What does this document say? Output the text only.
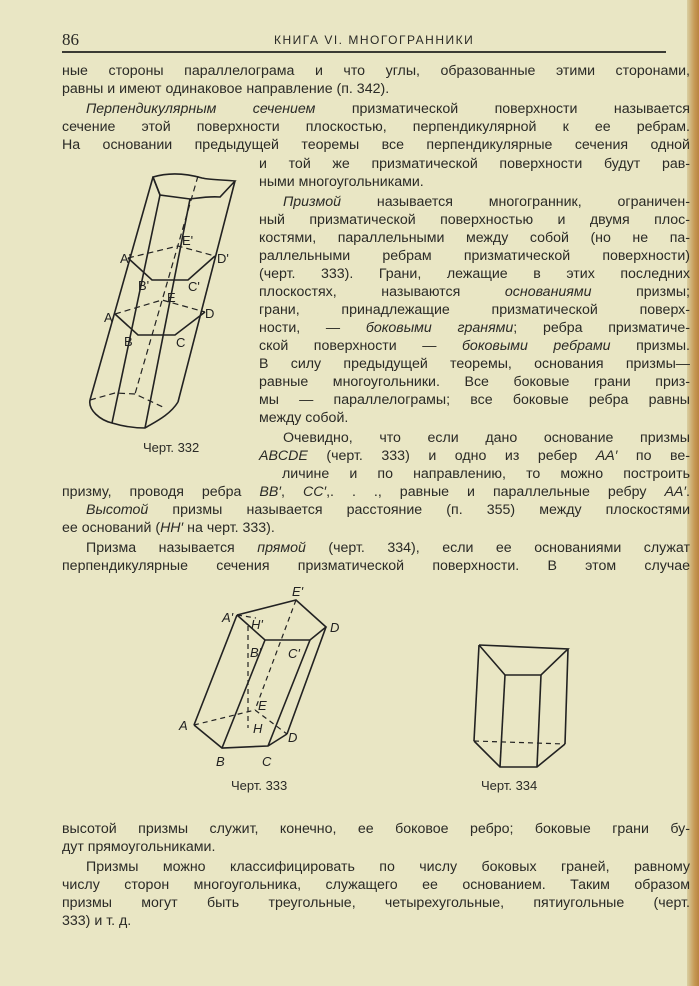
86	КНИГА VI. МНОГОГРАННИКИ
ные стороны параллелограма и что углы, образованные этими сторонами,
равны и имеют одинаковое направление (п. 342).
Перпендикулярным сечением призматической поверхности называется
сечение этой поверхности плоскостью, перпендикулярной к ее ребрам.
На основании предыдущей теоремы все перпендикулярные сечения одной
и той же призматической поверхности будут рав-
ными многоугольниками.
Призмой называется многогранник, ограничен-
ный призматической поверхностью и двумя плос-
костями, параллельными между собой (но не па-
раллельными ребрам призматической поверхности)
(черт. 333). Грани, лежащие в этих последних
плоскостях, называются основаниями призмы;
грани, принадлежащие призматической поверх-
ности, — боковыми гранями; ребра призматиче-
ской поверхности — боковыми ребрами призмы.
В силу предыдущей теоремы, основания призмы—
равные многоугольники. Все боковые грани приз-
мы — параллелограмы; все боковые ребра равны
между собой.
Очевидно, что если дано основание призмы
ABCDE (черт. 333) и одно из ребер AA′ по ве-
личине и по направлению, то можно построить
призму, проводя ребра BB′, CC′,. . ., равные и параллельные ребру AA′.
Высотой призмы называется расстояние (п. 355) между плоскостями
ее оснований (HH′ на черт. 333).
Призма называется прямой (черт. 334), если ее основаниями служат
перпендикулярные сечения призматической поверхности. В этом случае
A'
B'	C'
D'
E'
A
B	C
D
E
Черт. 332
A' H'
B' C'
E'
D
A
B	C
D
E
H
Черт. 333	Черт. 334
высотой призмы служит, конечно, ее боковое ребро; боковые грани бу-
дут прямоугольниками.
Призмы можно классифицировать по числу боковых граней, равному
числу сторон многоугольника, служащего ее основанием. Таким образом
призмы могут быть треугольные, четырехугольные, пятиугольные (черт.
333) и т. д.
